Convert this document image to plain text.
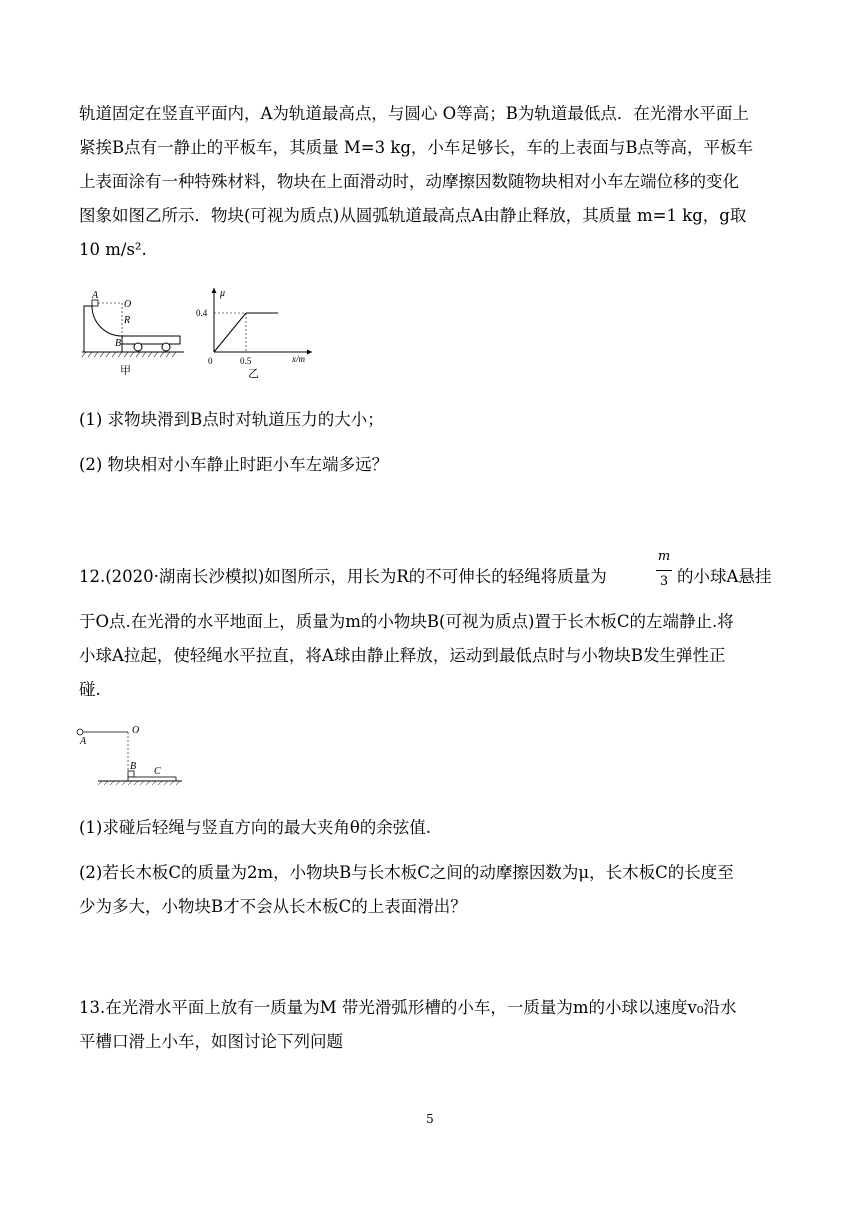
轨道固定在竖直平面内，A为轨道最高点，与圆心 O等高；B为轨道最低点．在光滑水平面上
紧挨B点有一静止的平板车，其质量 M=3 kg，小车足够长，车的上表面与B点等高，平板车
上表面涂有一种特殊材料，物块在上面滑动时，动摩擦因数随物块相对小车左端位移的变化
图象如图乙所示．物块(可视为质点)从圆弧轨道最高点A由静止释放，其质量 m=1 kg，g取
10 m/s².
A
O
R
B
甲
μ
x/m
0.4
0.5
0
乙
(1) 求物块滑到B点时对轨道压力的大小；
(2) 物块相对小车静止时距小车左端多远？
12.(2020·湖南长沙模拟)如图所示，用长为R的不可伸长的轻绳将质量为
m
3 的小球A悬挂
于O点.在光滑的水平地面上，质量为m的小物块B(可视为质点)置于长木板C的左端静止.将
小球A拉起，使轻绳水平拉直，将A球由静止释放，运动到最低点时与小物块B发生弹性正
碰.
A
O
B C
(1)求碰后轻绳与竖直方向的最大夹角θ的余弦值.
(2)若长木板C的质量为2m，小物块B与长木板C之间的动摩擦因数为μ，长木板C的长度至
少为多大，小物块B才不会从长木板C的上表面滑出？
13.在光滑水平面上放有一质量为M 带光滑弧形槽的小车，一质量为m的小球以速度v₀沿水
平槽口滑上小车，如图讨论下列问题
5
